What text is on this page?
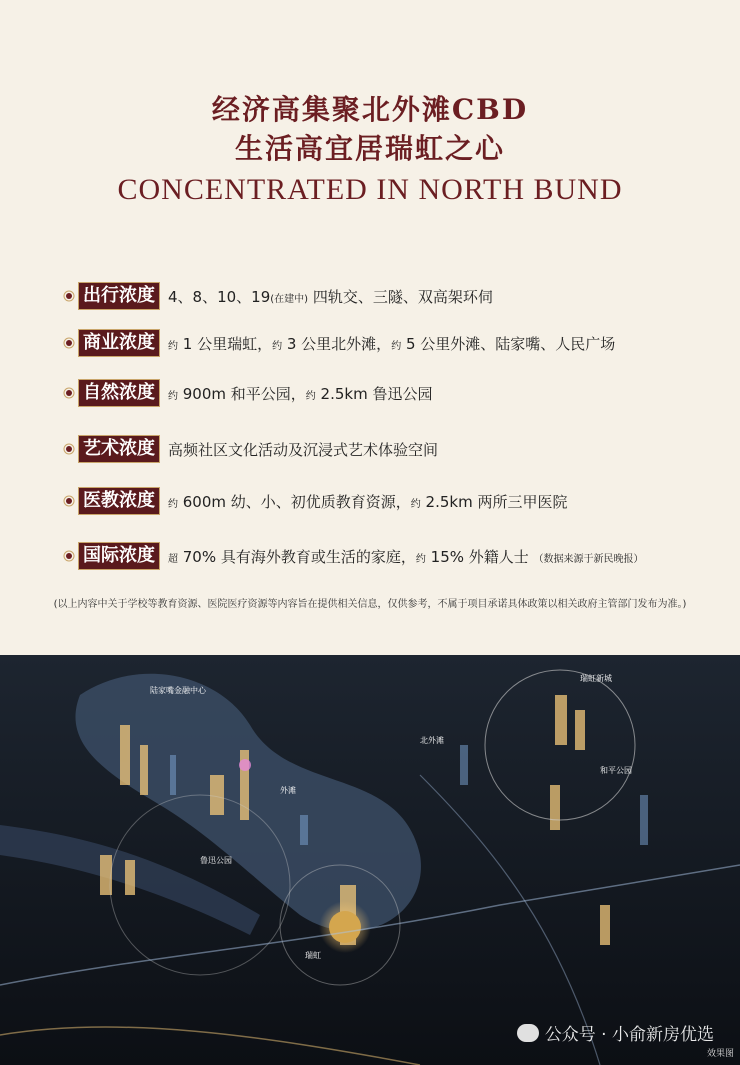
经济高集聚北外滩CBD
生活高宜居瑞虹之心
CONCENTRATED IN NORTH BUND
出行浓度 4、8、10、19(在建中) 四轨交、三隧、双高架环伺
商业浓度	约 1 公里瑞虹，约 3 公里北外滩，约 5 公里外滩、陆家嘴、人民广场
自然浓度	约 900m 和平公园，约 2.5km 鲁迅公园
艺术浓度 高频社区文化活动及沉浸式艺术体验空间
医教浓度	约 600m 幼、小、初优质教育资源，约 2.5km 两所三甲医院
国际浓度	超 70% 具有海外教育或生活的家庭，约 15% 外籍人士 （数据来源于新民晚报）
(以上内容中关于学校等教育资源、医院医疗资源等内容旨在提供相关信息，仅供参考，不属于项目承诺具体政策以相关政府主管部门发布为准。)
陆家嘴金融中心
外滩
北外滩
瑞虹新城
瑞虹
和平公园
鲁迅公园
公众号 · 小俞新房优选
效果图
